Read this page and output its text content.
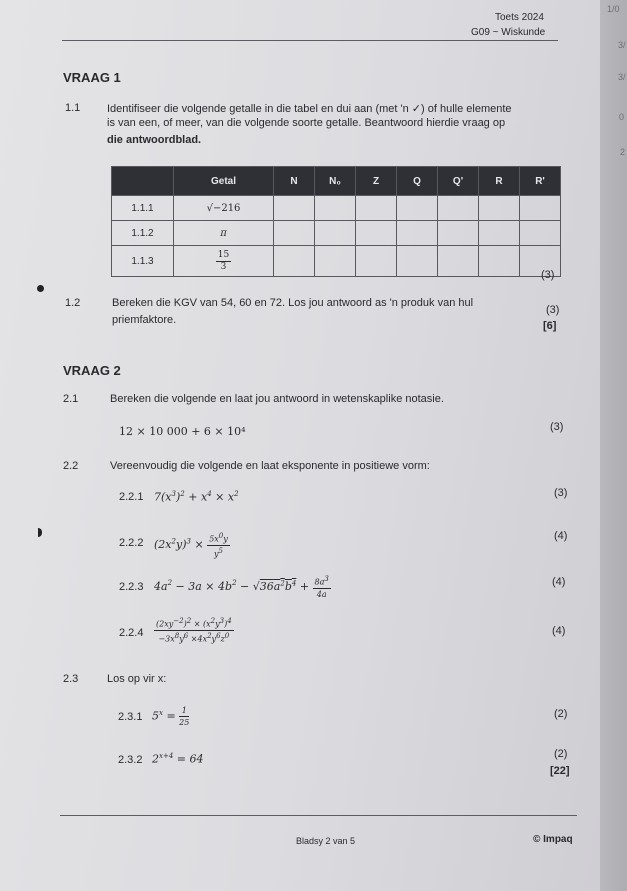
1/0
3/
3/
0
2
Toets 2024
G09 ~ Wiskunde
VRAAG 1
1.1 Identifiseer die volgende getalle in die tabel en dui aan (met 'n ✓) of hulle elemente
is van een, of meer, van die volgende soorte getalle. Beantwoord hierdie vraag op
die antwoordblad.
	Getal	N	N₀	Z	Q	Q'	R	R'
1.1.1	√−216							
1.1.2	π							
1.1.3	$\frac{15}{3}$

(3)
1.2	Bereken die KGV van 54, 60 en 72. Los jou antwoord as 'n produk van hul
priemfaktore.
(3)
[6]
VRAAG 2
2.1	Bereken die volgende en laat jou antwoord in wetenskaplike notasie.
12 × 10 000 + 6 × 10⁴	(3)
2.2	Vereenvoudig die volgende en laat eksponente in positiewe vorm:
2.2.1 $7(x^3)^2 + x^4 \times x^2$	(3)
2.2.2 $(2x^2y)^3 \times \frac{5x^0y}{y^5}$	(4)
2.2.3 $4a^2 - 3a \times 4b^2 - √36a^2b^4 + \frac{8a^3}{4a}$	(4)
$2.2.4 \frac{(2xy^{-2})^2 \times (x^2y^3)^4}{-3x^8y^6 \times 4x^2y^6z^0}$	(4)
2.3	Los op vir x:
2.3.1 $5^x = \frac{1}{25}$	(2)
2.3.2 $2^{x+4} = 64$	(2)
[22]
Bladsy 2 van 5	© Impaq
